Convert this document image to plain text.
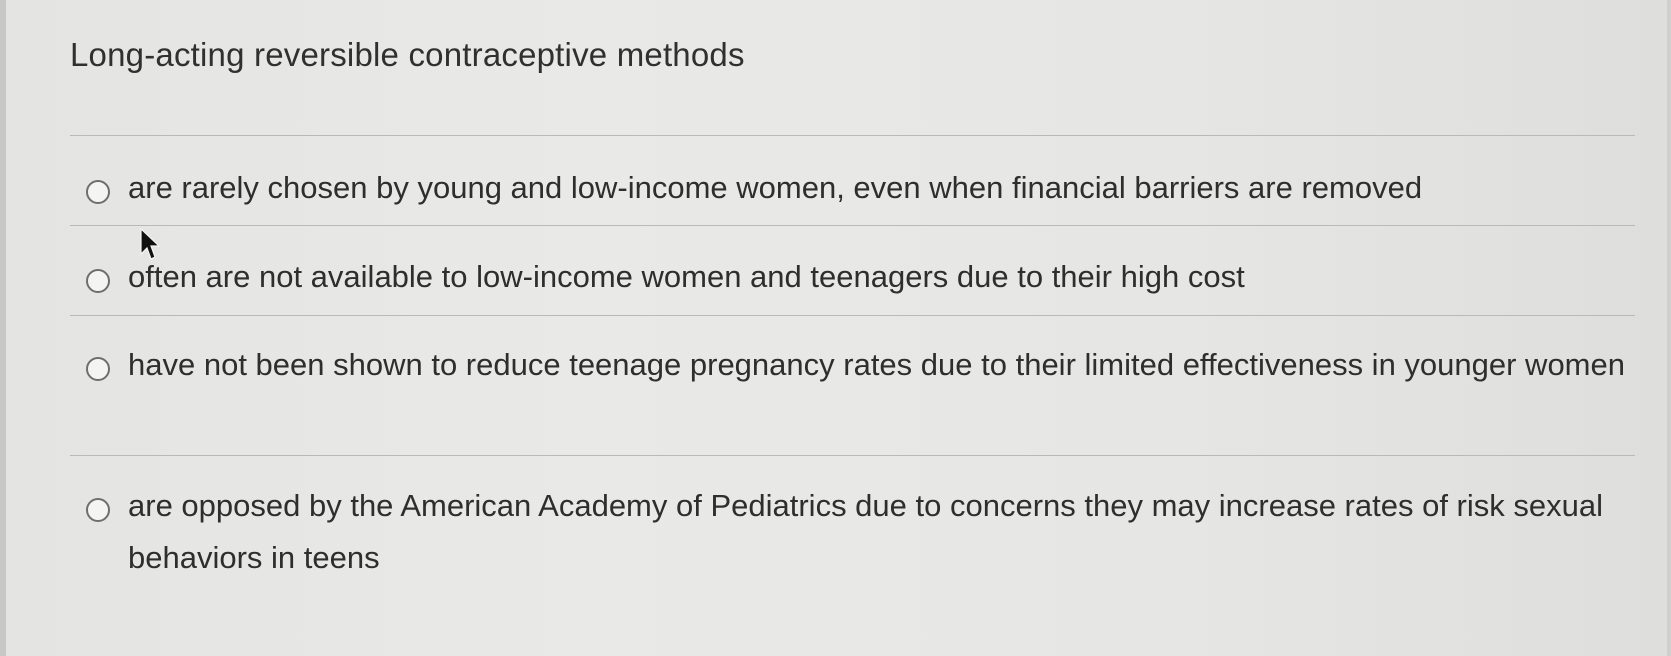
Long-acting reversible contraceptive methods
are rarely chosen by young and low-income women, even when financial barriers are removed
often are not available to low-income women and teenagers due to their high cost
have not been shown to reduce teenage pregnancy rates due to their limited effectiveness in younger women
are opposed by the American Academy of Pediatrics due to concerns they may increase rates of risk sexual behaviors in teens
